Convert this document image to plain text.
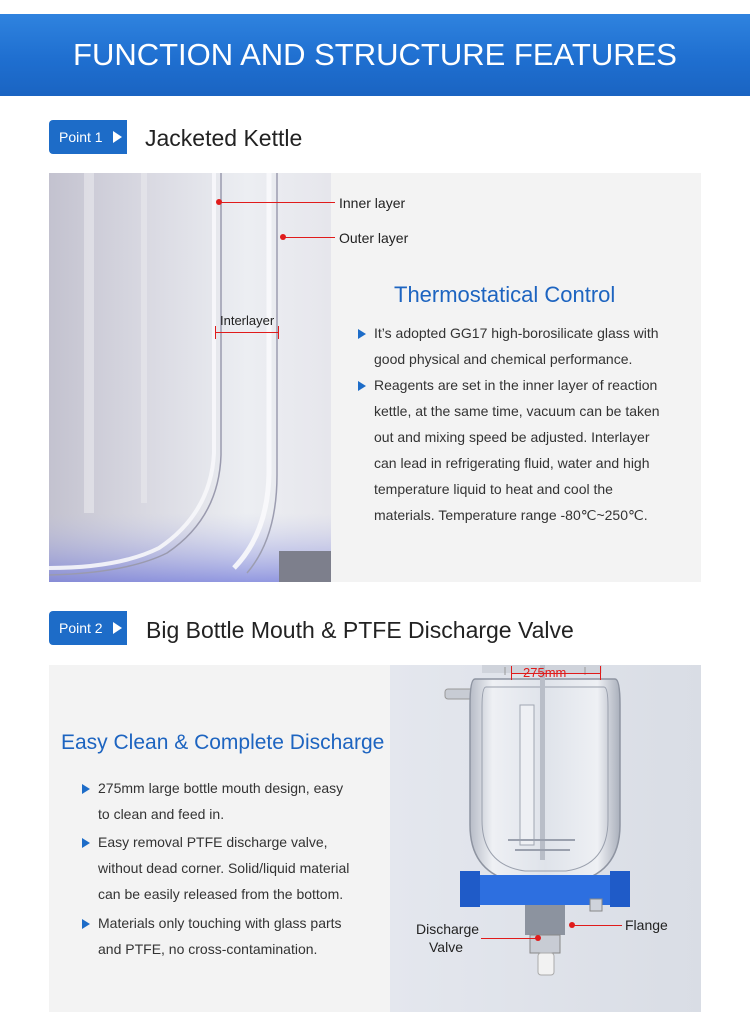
FUNCTION AND STRUCTURE FEATURES
Point 1	Jacketed Kettle
Inner layer
Outer layer
Interlayer
Thermostatical Control
It’s adopted GG17 high-borosilicate glass with
good physical and chemical performance.
Reagents are set in the inner layer of reaction
kettle, at the same time, vacuum can be taken
out and mixing speed be adjusted. Interlayer
can lead in refrigerating fluid, water and high
temperature liquid to heat and cool the
materials. Temperature range -80℃~250℃.
Point 2	Big Bottle Mouth & PTFE Discharge Valve
Easy Clean & Complete Discharge
275mm large bottle mouth design, easy
to clean and feed in.
Easy removal PTFE discharge valve,
without dead corner. Solid/liquid material
can be easily released from the bottom.
Materials only touching with glass parts
and PTFE, no cross-contamination.
275mm
Discharge
Valve
Flange
